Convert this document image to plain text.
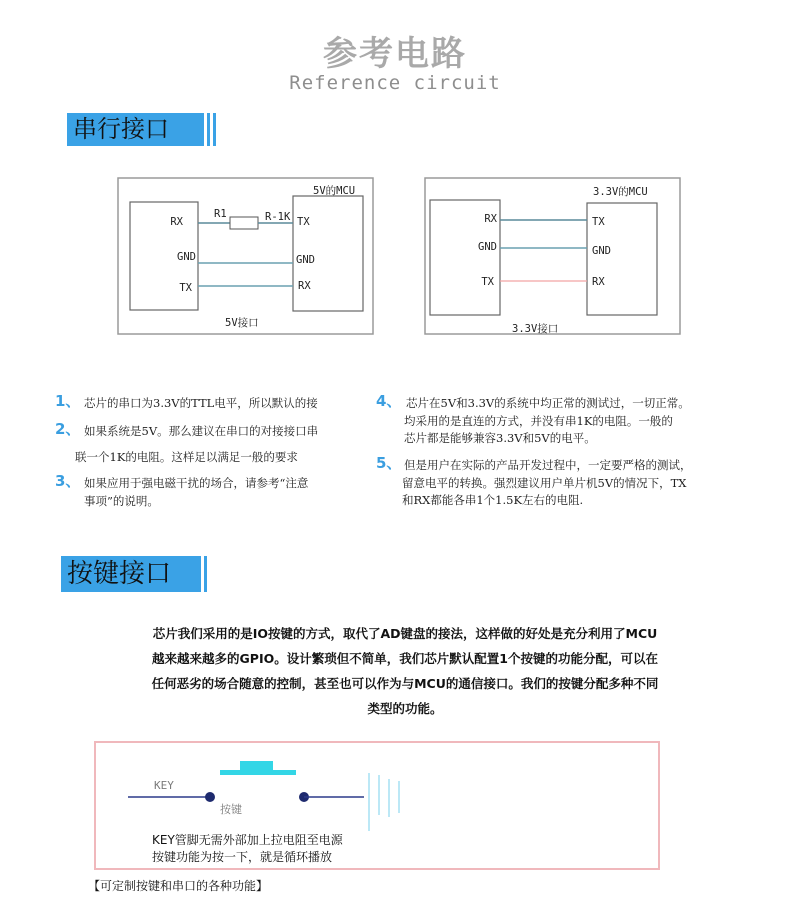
参考电路
Reference circuit
串行接口
5V的MCU
RX
GND
TX
TX
GND
RX
R1	R-1K
5V接口
3.3V的MCU
RX
GND
TX
TX
GND
RX
3.3V接口
1、 芯片的串口为3.3V的TTL电平，所以默认的接
2、 如果系统是5V。那么建议在串口的对接接口串
联一个1K的电阻。这样足以满足一般的要求
3、 如果应用于强电磁干扰的场合，请参考“注意
事项”的说明。
4、 芯片在5V和3.3V的系统中均正常的测试过，一切正常。
均采用的是直连的方式，并没有串1K的电阻。一般的
芯片都是能够兼容3.3V和5V的电平。
5、 但是用户在实际的产品开发过程中，一定要严格的测试，
留意电平的转换。强烈建议用户单片机5V的情况下，TX
和RX都能各串1个1.5K左右的电阻.
按键接口
芯片我们采用的是IO按键的方式，取代了AD键盘的接法，这样做的好处是充分利用了MCU
越来越来越多的GPIO。设计繁琐但不简单，我们芯片默认配置1个按键的功能分配，可以在
任何恶劣的场合随意的控制，甚至也可以作为与MCU的通信接口。我们的按键分配多种不同
类型的功能。
KEY
按键
KEY管脚无需外部加上拉电阻至电源
按键功能为按一下，就是循环播放
【可定制按键和串口的各种功能】
